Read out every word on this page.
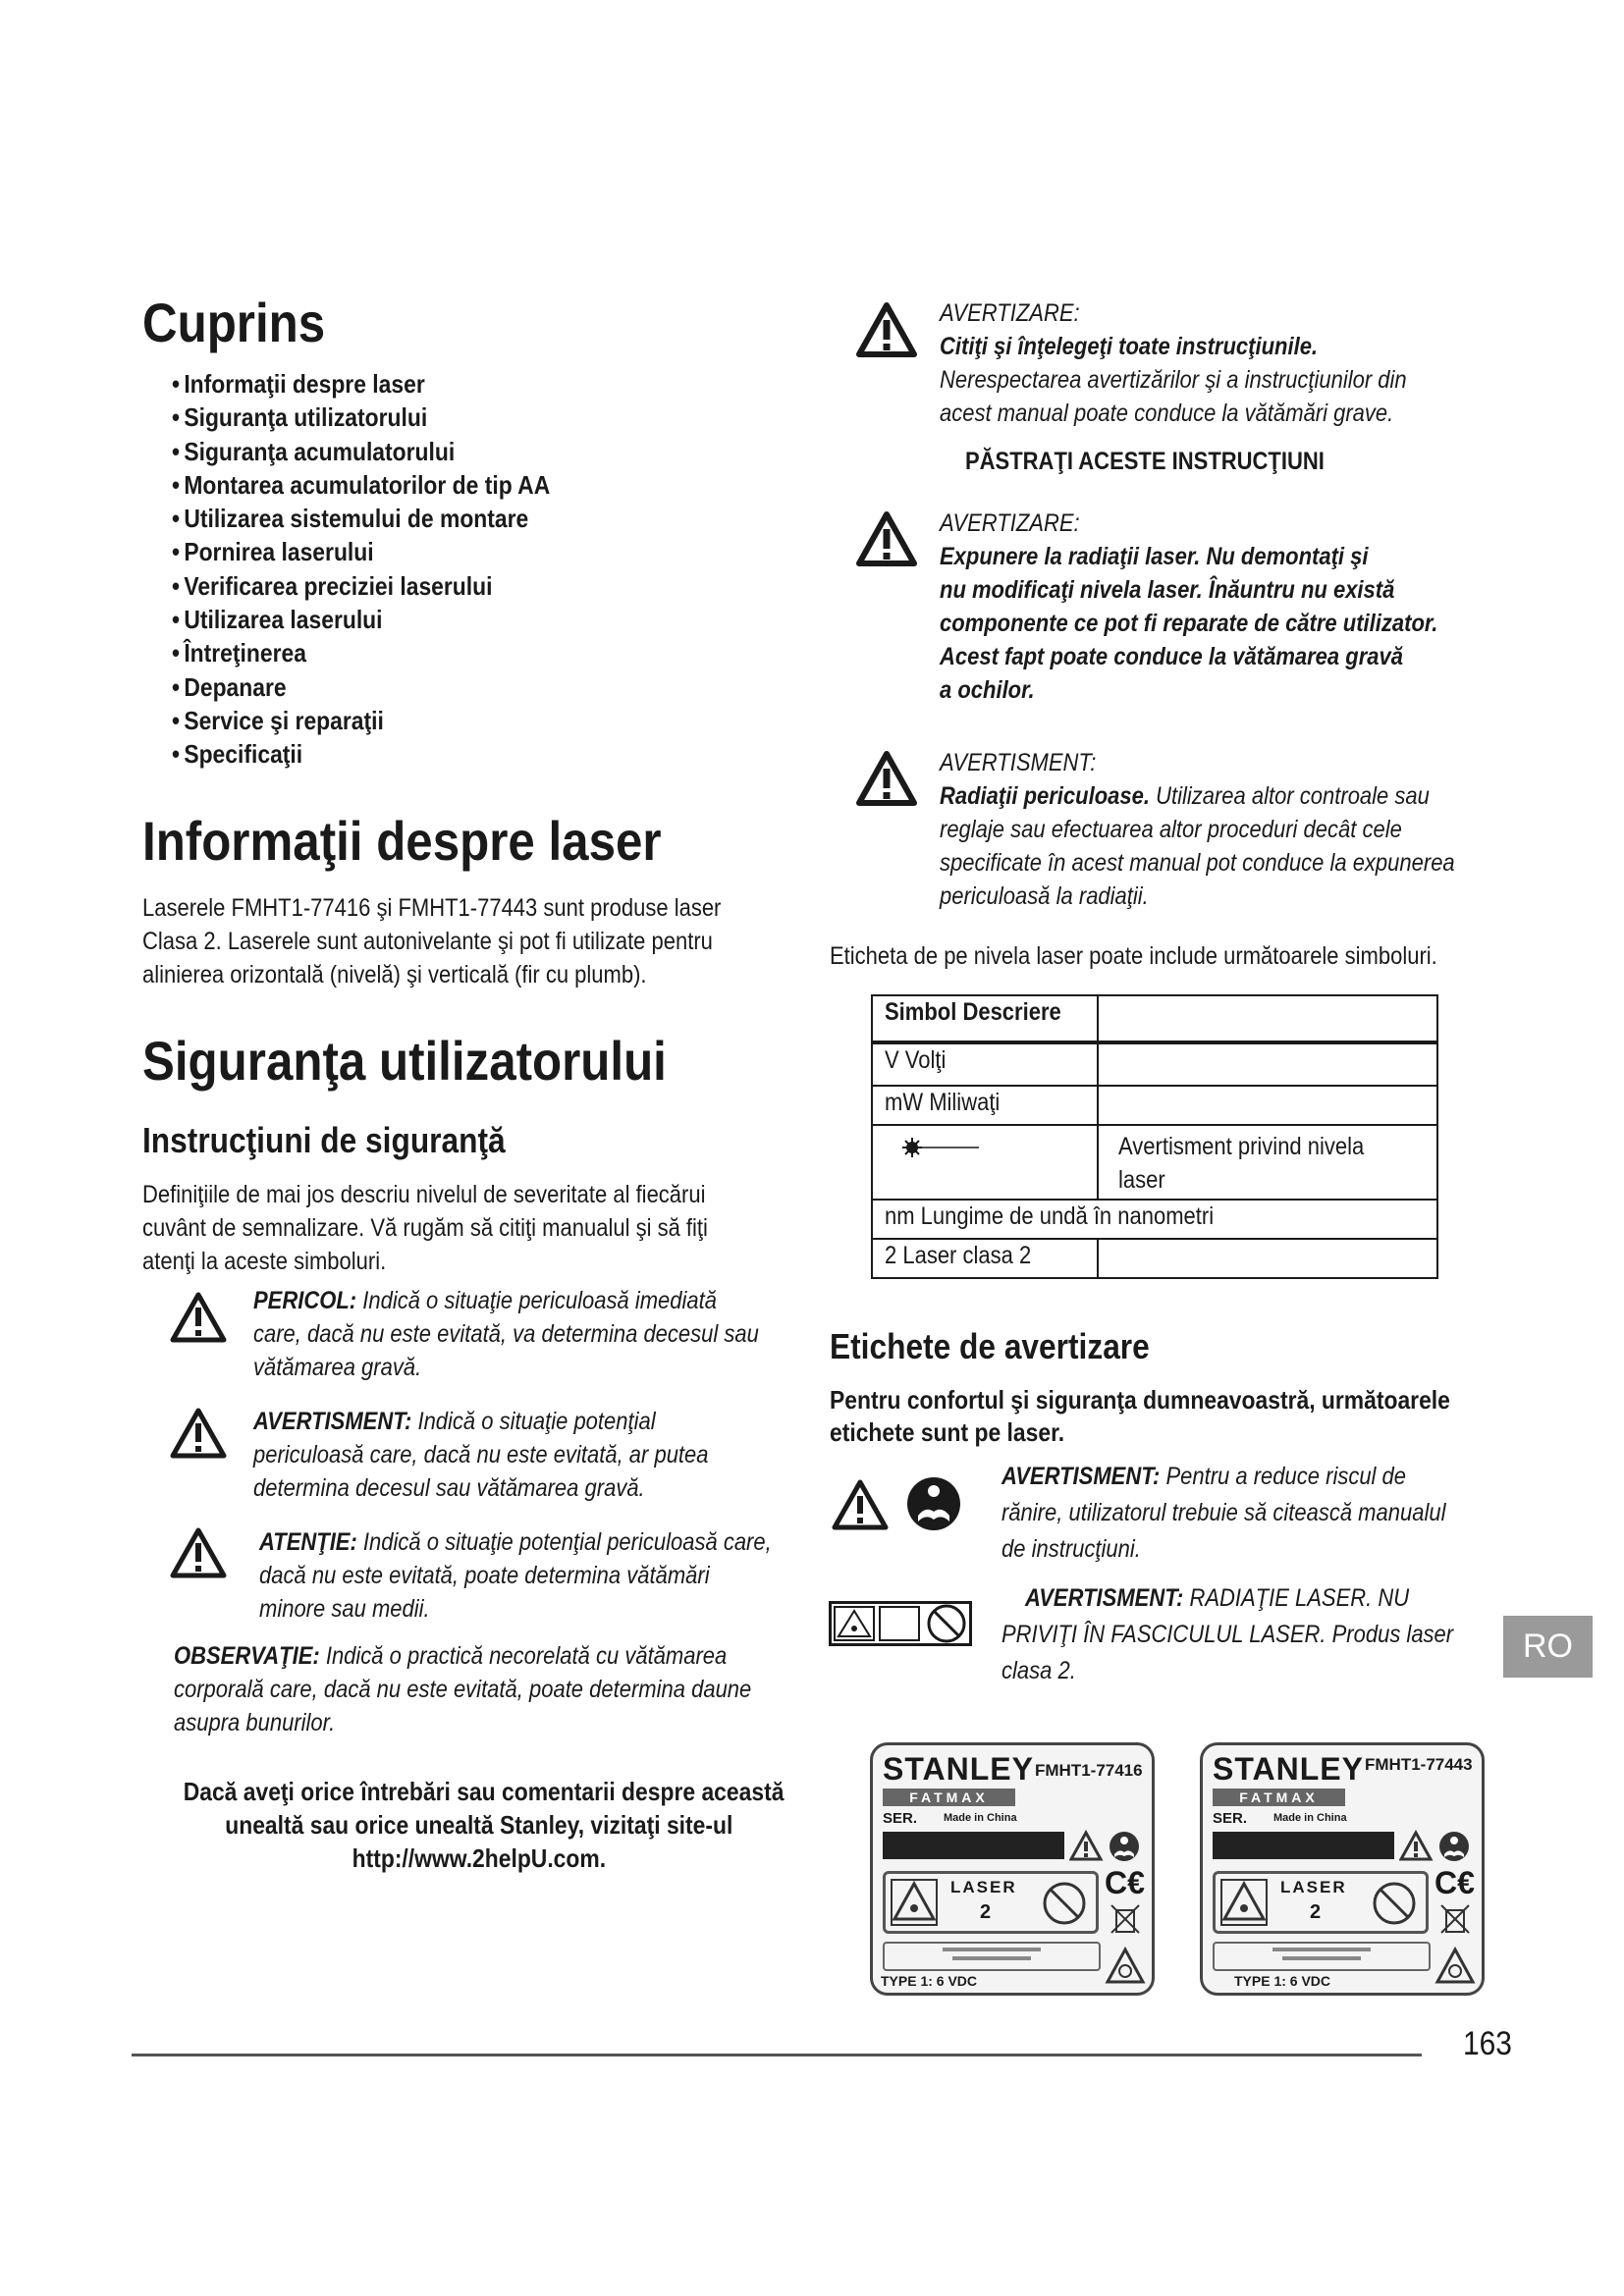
Cuprins
• Informaţii despre laser
• Siguranţa utilizatorului
• Siguranţa acumulatorului
• Montarea acumulatorilor de tip AA
• Utilizarea sistemului de montare
• Pornirea laserului
• Verificarea preciziei laserului
• Utilizarea laserului
• Întreţinerea
• Depanare
• Service şi reparaţii
• Specificaţii
Informaţii despre laser
Laserele FMHT1-77416 şi FMHT1-77443 sunt produse laser
Clasa 2. Laserele sunt autonivelante şi pot fi utilizate pentru
alinierea orizontală (nivelă) şi verticală (fir cu plumb).
Siguranţa utilizatorului
Instrucţiuni de siguranţă
Definiţiile de mai jos descriu nivelul de severitate al fiecărui
cuvânt de semnalizare. Vă rugăm să citiţi manualul şi să fiţi
atenţi la aceste simboluri.
PERICOL: Indică o situaţie periculoasă imediată
care, dacă nu este evitată, va determina decesul sau
vătămarea gravă.
AVERTISMENT: Indică o situaţie potenţial
periculoasă care, dacă nu este evitată, ar putea
determina decesul sau vătămarea gravă.
ATENŢIE: Indică o situaţie potenţial periculoasă care,
dacă nu este evitată, poate determina vătămări
minore sau medii.
OBSERVAŢIE: Indică o practică necorelată cu vătămarea
corporală care, dacă nu este evitată, poate determina daune
asupra bunurilor.
Dacă aveţi orice întrebări sau comentarii despre această
unealtă sau orice unealtă Stanley, vizitaţi site-ul
http://www.2helpU.com.
AVERTIZARE:
Citiţi şi înţelegeţi toate instrucţiunile.
Nerespectarea avertizărilor şi a instrucţiunilor din
acest manual poate conduce la vătămări grave.
PĂSTRAŢI ACESTE INSTRUCŢIUNI
AVERTIZARE:
Expunere la radiaţii laser. Nu demontaţi şi
nu modificaţi nivela laser. Înăuntru nu există
componente ce pot fi reparate de către utilizator.
Acest fapt poate conduce la vătămarea gravă
a ochilor.
AVERTISMENT:
Radiaţii periculoase. Utilizarea altor controale sau
reglaje sau efectuarea altor proceduri decât cele
specificate în acest manual pot conduce la expunerea
periculoasă la radiaţii.
Eticheta de pe nivela laser poate include următoarele simboluri.
Simbol Descriere	
V Volţi	
mW Miliwaţi	

Avertisment privind nivela
laser

nm Lungime de undă în nanometri	
2 Laser clasa 2	
Etichete de avertizare
Pentru confortul şi siguranţa dumneavoastră, următoarele
etichete sunt pe laser.
AVERTISMENT: Pentru a reduce riscul de
rănire, utilizatorul trebuie să citească manualul
de instrucţiuni.
AVERTISMENT: RADIAŢIE LASER. NU
PRIVIŢI ÎN FASCICULUL LASER. Produs laser
clasa 2.
STANLEY FMHT1-77416
FATMAX
SER. Made in China
LASER
2
C€
TYPE 1: 6 VDC
STANLEY FMHT1-77443
FATMAX
SER. Made in China
LASER
2
C€
TYPE 1: 6 VDC
RO
163
